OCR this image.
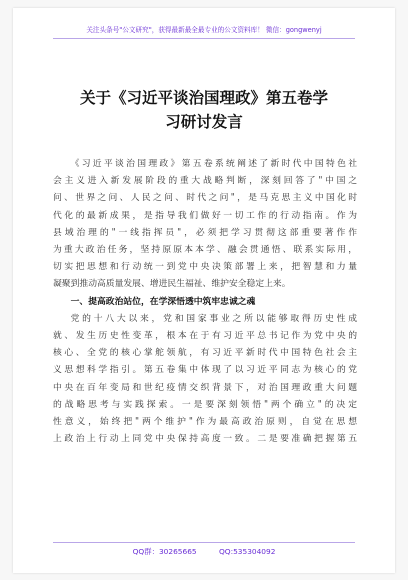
关注头条号"公文研究"，获得最新最全最专业的公文资料库！ 微信：gongwenyj
关于《习近平谈治国理政》第五卷学
习研讨发言

《习近平谈治国理政》第五卷系统阐述了新时代中国特色社
会主义进入新发展阶段的重大战略判断，深刻回答了"中国之
问、世界之问、人民之问、时代之问"，是马克思主义中国化时
代化的最新成果，是指导我们做好一切工作的行动指南。作为
县域治理的"一线指挥员"，必须把学习贯彻这部重要著作作
为重大政治任务，坚持原原本本学、融会贯通悟、联系实际用，
切实把思想和行动统一到党中央决策部署上来，把智慧和力量
凝聚到推动高质量发展、增进民生福祉、维护安全稳定上来。

一、提高政治站位，在学深悟透中筑牢忠诚之魂

党的十八大以来，党和国家事业之所以能够取得历史性成
就、发生历史性变革，根本在于有习近平总书记作为党中央的
核心、全党的核心掌舵领航，有习近平新时代中国特色社会主
义思想科学指引。第五卷集中体现了以习近平同志为核心的党
中央在百年变局和世纪疫情交织背景下，对治国理政重大问题
的战略思考与实践探索。一是要深刻领悟"两个确立"的决定
性意义，始终把"两个维护"作为最高政治原则，自觉在思想
上政治上行动上同党中央保持高度一致。二是要准确把握第五

QQ群：30265665	QQ:535304092
